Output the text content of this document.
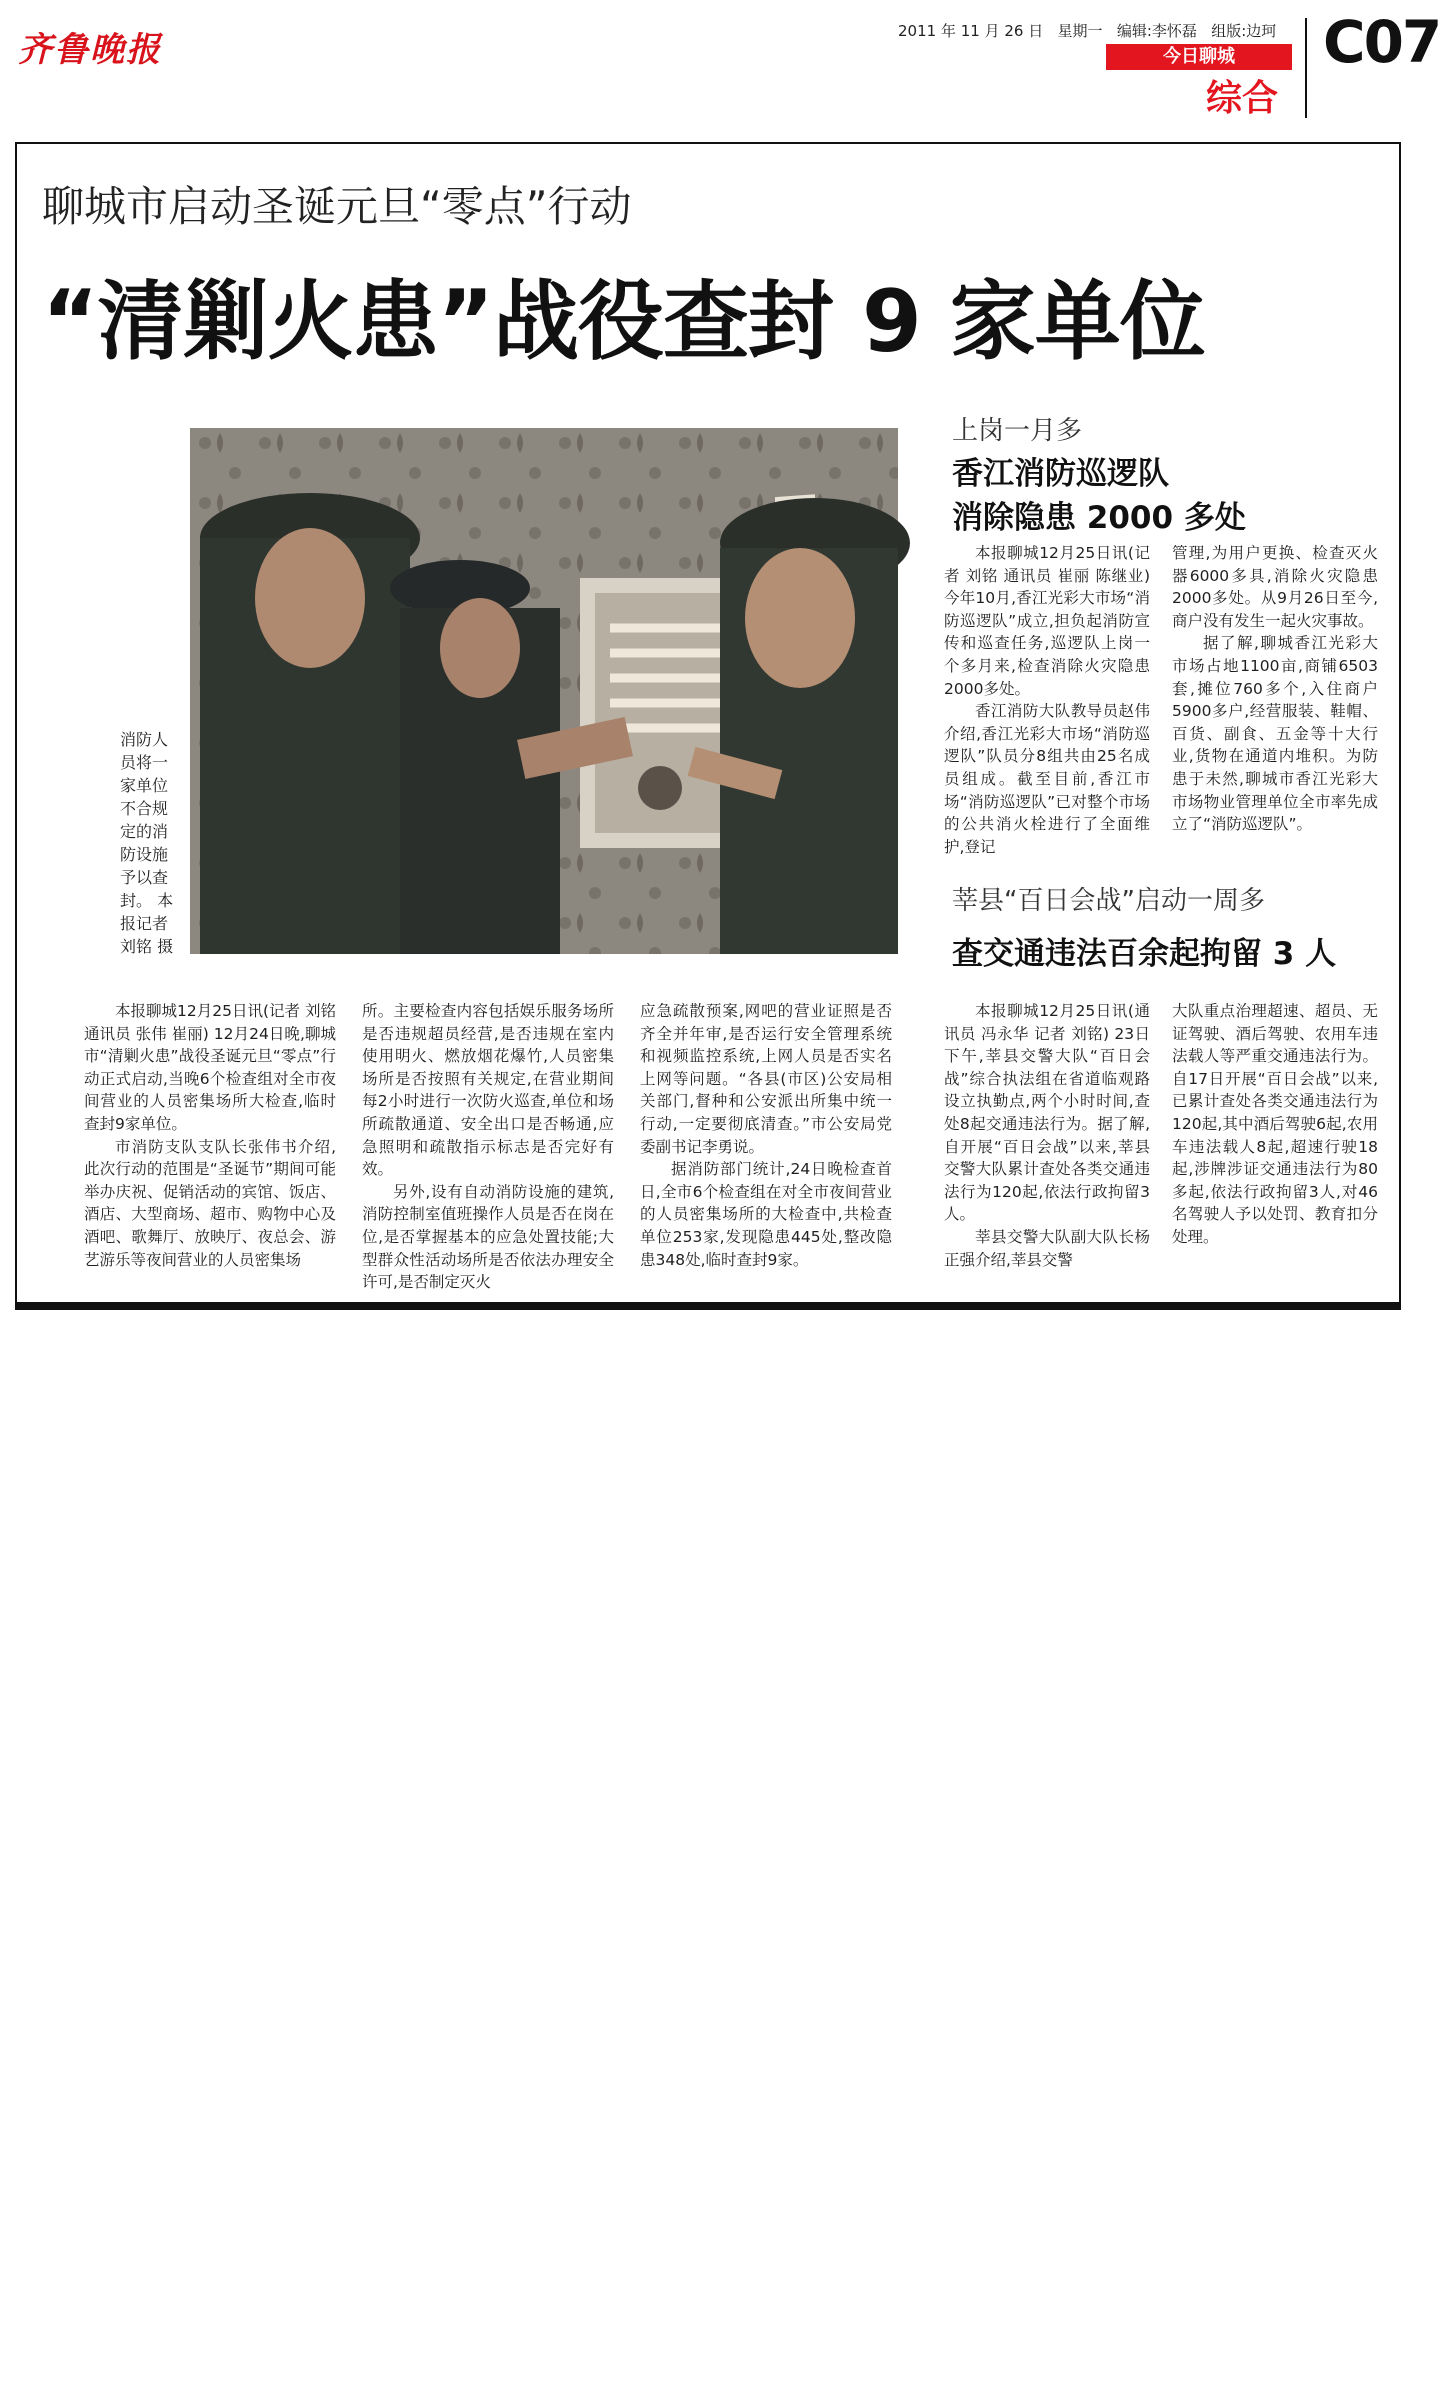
齐鲁晚报	2011 年 11 月 26 日 星期一 编辑:李怀磊 组版:边珂
今日聊城
综合
C07
聊城市启动圣诞元旦“零点”行动
“清剿火患”战役查封 9 家单位
消防人员将一家单位不合规定的消防设施予以查封。 本报记者 刘铭 摄

本报聊城12月25日讯(记者 刘铭 通讯员 张伟 崔丽) 12月24日晚,聊城市“清剿火患”战役圣诞元旦“零点”行动正式启动,当晚6个检查组对全市夜间营业的人员密集场所大检查,临时查封9家单位。

市消防支队支队长张伟书介绍,此次行动的范围是“圣诞节”期间可能举办庆祝、促销活动的宾馆、饭店、酒店、大型商场、超市、购物中心及酒吧、歌舞厅、放映厅、夜总会、游艺游乐等夜间营业的人员密集场

所。主要检查内容包括娱乐服务场所是否违规超员经营,是否违规在室内使用明火、燃放烟花爆竹,人员密集场所是否按照有关规定,在营业期间每2小时进行一次防火巡查,单位和场所疏散通道、安全出口是否畅通,应急照明和疏散指示标志是否完好有效。

另外,设有自动消防设施的建筑,消防控制室值班操作人员是否在岗在位,是否掌握基本的应急处置技能;大型群众性活动场所是否依法办理安全许可,是否制定灭火

应急疏散预案,网吧的营业证照是否齐全并年审,是否运行安全管理系统和视频监控系统,上网人员是否实名上网等问题。“各县(市区)公安局相关部门,督种和公安派出所集中统一行动,一定要彻底清查。”市公安局党委副书记李勇说。

据消防部门统计,24日晚检查首日,全市6个检查组在对全市夜间营业的人员密集场所的大检查中,共检查单位253家,发现隐患445处,整改隐患348处,临时查封9家。

上岗一月多
香江消防巡逻队
消除隐患 2000 多处

本报聊城12月25日讯(记者 刘铭 通讯员 崔丽 陈继业) 今年10月,香江光彩大市场“消防巡逻队”成立,担负起消防宣传和巡查任务,巡逻队上岗一个多月来,检查消除火灾隐患2000多处。

香江消防大队教导员赵伟介绍,香江光彩大市场“消防巡逻队”队员分8组共由25名成员组成。截至目前,香江市场“消防巡逻队”已对整个市场的公共消火栓进行了全面维护,登记

管理,为用户更换、检查灭火器6000多具,消除火灾隐患2000多处。从9月26日至今,商户没有发生一起火灾事故。

据了解,聊城香江光彩大市场占地1100亩,商铺6503套,摊位760多个,入住商户5900多户,经营服装、鞋帽、百货、副食、五金等十大行业,货物在通道内堆积。为防患于未然,聊城市香江光彩大市场物业管理单位全市率先成立了“消防巡逻队”。

莘县“百日会战”启动一周多
查交通违法百余起拘留 3 人

本报聊城12月25日讯(通讯员 冯永华 记者 刘铭) 23日下午,莘县交警大队“百日会战”综合执法组在省道临观路设立执勤点,两个小时时间,查处8起交通违法行为。据了解,自开展“百日会战”以来,莘县交警大队累计查处各类交通违法行为120起,依法行政拘留3人。

莘县交警大队副大队长杨正强介绍,莘县交警

大队重点治理超速、超员、无证驾驶、酒后驾驶、农用车违法载人等严重交通违法行为。自17日开展“百日会战”以来,已累计查处各类交通违法行为120起,其中酒后驾驶6起,农用车违法载人8起,超速行驶18起,涉牌涉证交通违法行为80多起,依法行政拘留3人,对46名驾驶人予以处罚、教育扣分处理。
